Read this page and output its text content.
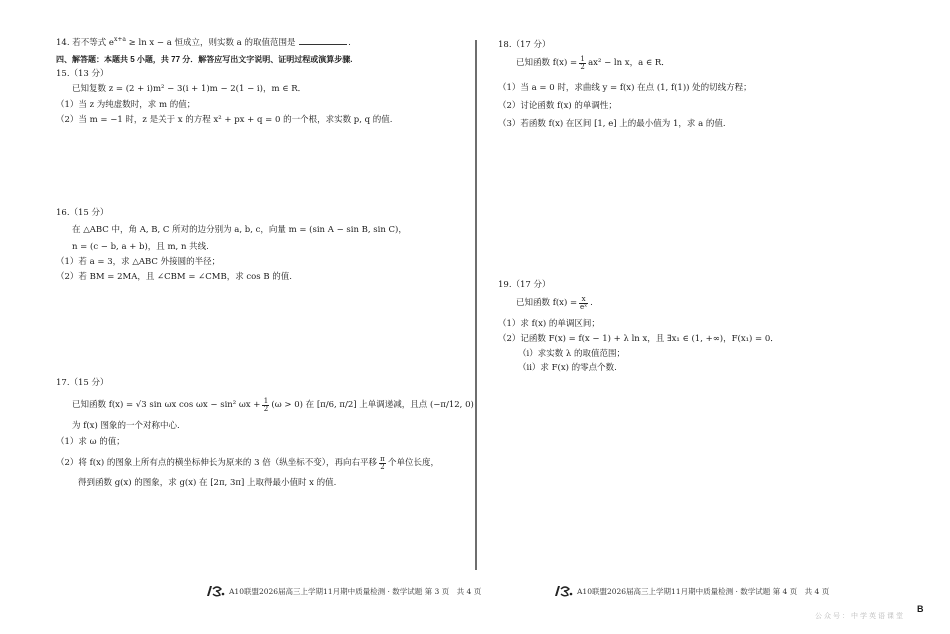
14. 若不等式 $e^{x+a} \ge \ln x - a$ 恒成立，则实数 a 的取值范围是	.
四、解答题：本题共 5 小题，共 77 分．解答应写出文字说明、证明过程或演算步骤.
15.（13 分）
已知复数 z = (2 + i)m² − 3(i + 1)m − 2(1 − i)，m ∈ R．
（1）当 z 为纯虚数时，求 m 的值；
（2）当 m = −1 时，z 是关于 x 的方程 x² + px + q = 0 的一个根，求实数 p, q 的值.
16.（15 分）
在 △ABC 中，角 A, B, C 所对的边分别为 a, b, c，向量 m = (sin A − sin B, sin C)，
n = (c − b, a + b)，且 m, n 共线.
（1）若 a = 3，求 △ABC 外接圆的半径；
（2）若 BM = 2MA，且 ∠CBM = ∠CMB，求 cos B 的值.
17.（15 分）
已知函数 f(x) = √3 sin ωx cos ωx − sin² $\omega x + \frac{1}{2} (\omega > 0)$ 在 [π/6, π/2] 上单调递减，且点 (−π/12, 0)
为 f(x) 图象的一个对称中心.
（1）求 ω 的值；
（2）将 f(x) 的图象上所有点的横坐标伸长为原来的 3 倍（纵坐标不变），再向右平移 π
2 个单位长度，
得到函数 g(x) 的图象，求 g(x) 在 [2π, 3π] 上取得最小值时 x 的值.
A10联盟2026届高三上学期11月期中质量检测 · 数学试题 第 3 页　共 4 页
18.（17 分）
已知函数 $f(x) = \frac{1}{2} ax^2 - \ln x$，a ∈ R．
（1）当 a = 0 时，求曲线 y = f(x) 在点 (1, f(1)) 处的切线方程；
（2）讨论函数 f(x) 的单调性；
（3）若函数 f(x) 在区间 [1, e] 上的最小值为 1，求 a 的值.
19.（17 分）
已知函数 $f(x) = \frac{x}{\text{eˣ}}$ .
（1）求 f(x) 的单调区间；
（2）记函数 F(x) = f(x − 1) + λ ln x，且 ∃x₁ ∈ (1, +∞)，F(x₁) = 0．
（i）求实数 λ 的取值范围；
（ii）求 F(x) 的零点个数.
A10联盟2026届高三上学期11月期中质量检测 · 数学试题 第 4 页　共 4 页
公众号：中学英语课堂
B
